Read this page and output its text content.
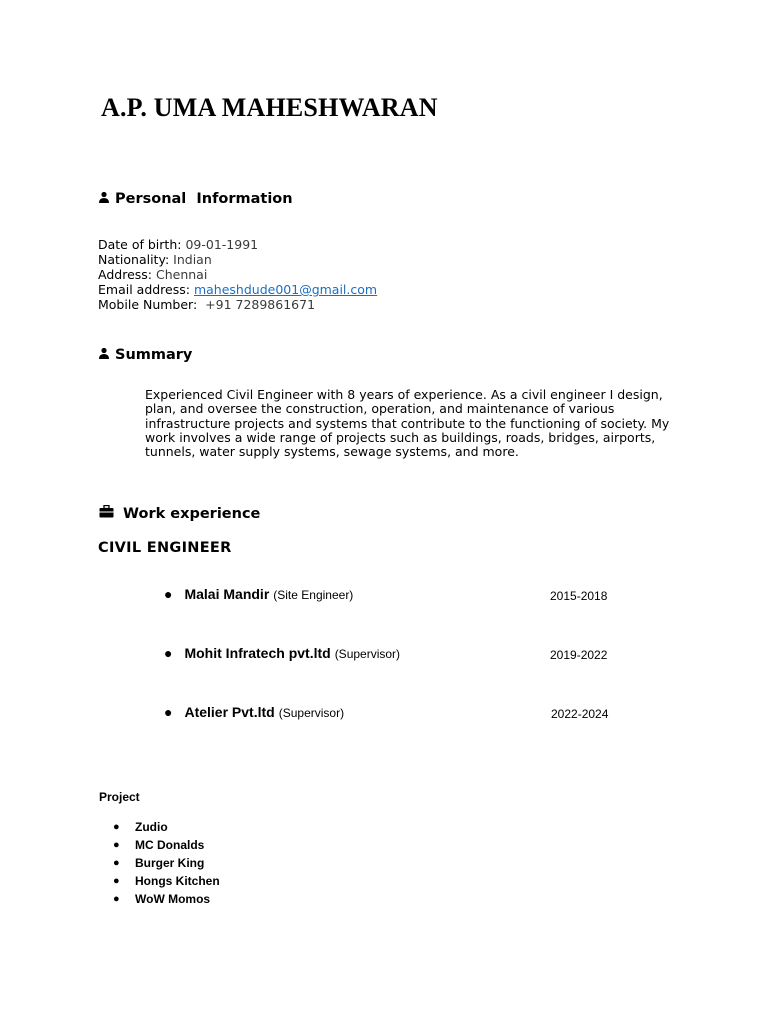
A.P. UMA MAHESHWARAN
Personal  Information
Date of birth: 09-01-1991
Nationality: Indian
Address: Chennai
Email address: maheshdude001@gmail.com
Mobile Number: +91 7289861671
Summary
Experienced Civil Engineer with 8 years of experience. As a civil engineer I design, plan, and oversee the construction, operation, and maintenance of various infrastructure projects and systems that contribute to the functioning of society. My work involves a wide range of projects such as buildings, roads, bridges, airports, tunnels, water supply systems, sewage systems, and more.
Work experience
CIVIL ENGINEER
● Malai Mandir (Site Engineer)	2015-2018
● Mohit Infratech pvt.ltd (Supervisor)	2019-2022
● Atelier Pvt.ltd (Supervisor)	2022-2024
Project
●	Zudio
●	MC Donalds
●	Burger King
●	Hongs Kitchen
●	WoW Momos
